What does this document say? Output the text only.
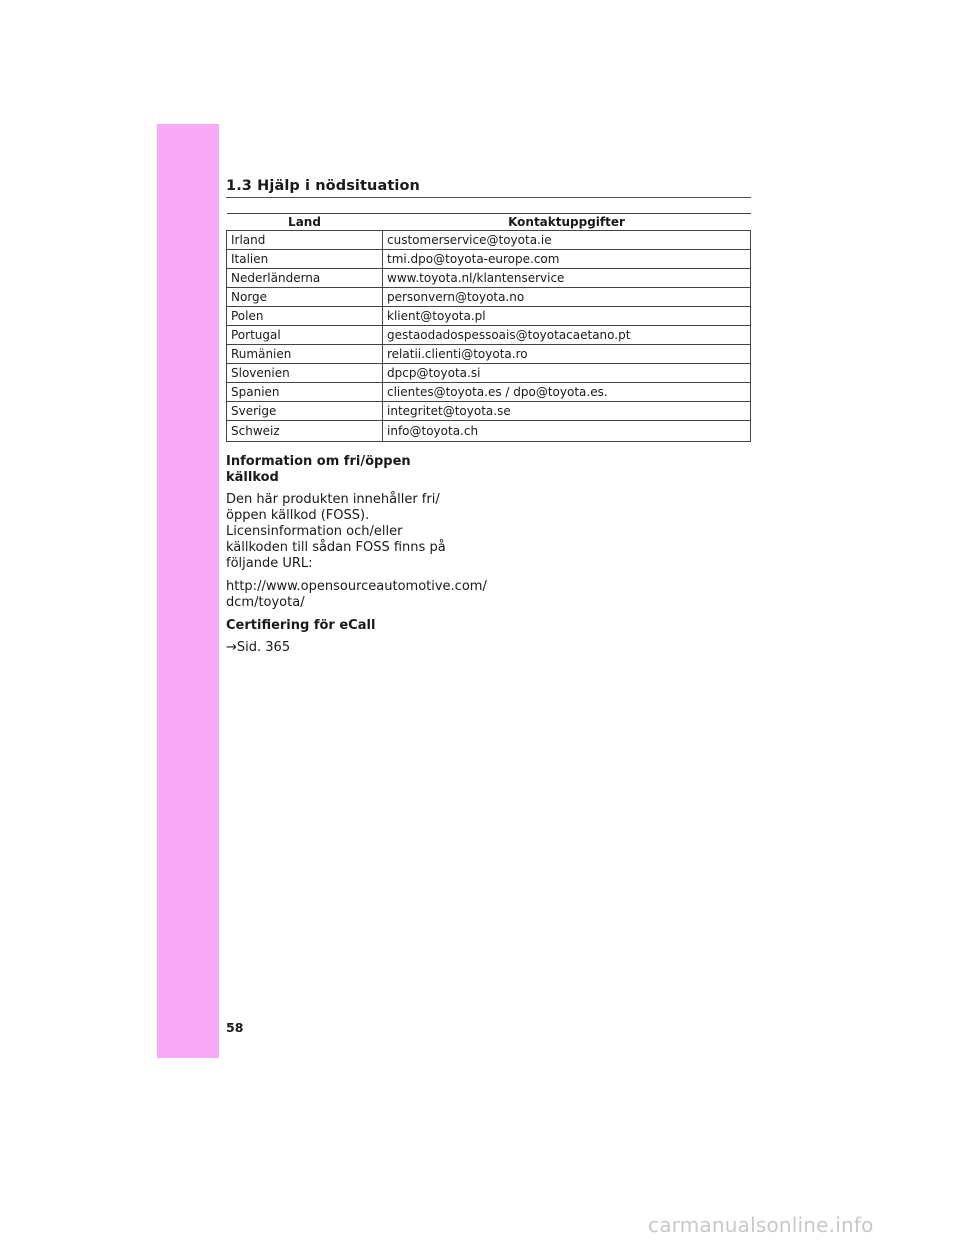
1.3 Hjälp i nödsituation
Land	Kontaktuppgifter
Irland	customerservice@toyota.ie
Italien	tmi.dpo@toyota-europe.com
Nederländerna	www.toyota.nl/klantenservice
Norge	personvern@toyota.no
Polen	klient@toyota.pl
Portugal	gestaodadospessoais@toyotacaetano.pt
Rumänien	relatii.clienti@toyota.ro
Slovenien	dpcp@toyota.si
Spanien	clientes@toyota.es / dpo@toyota.es.
Sverige	integritet@toyota.se
Schweiz	info@toyota.ch

Information om fri/öppen källkod

Den här produkten innehåller fri/öppen källkod (FOSS). Licensinformation och/eller källkoden till sådan FOSS finns på följande URL:

http://www.opensourceautomotive.com/ dcm/toyota/

Certifiering för eCall

→Sid. 365

58
carmanualsonline.info
